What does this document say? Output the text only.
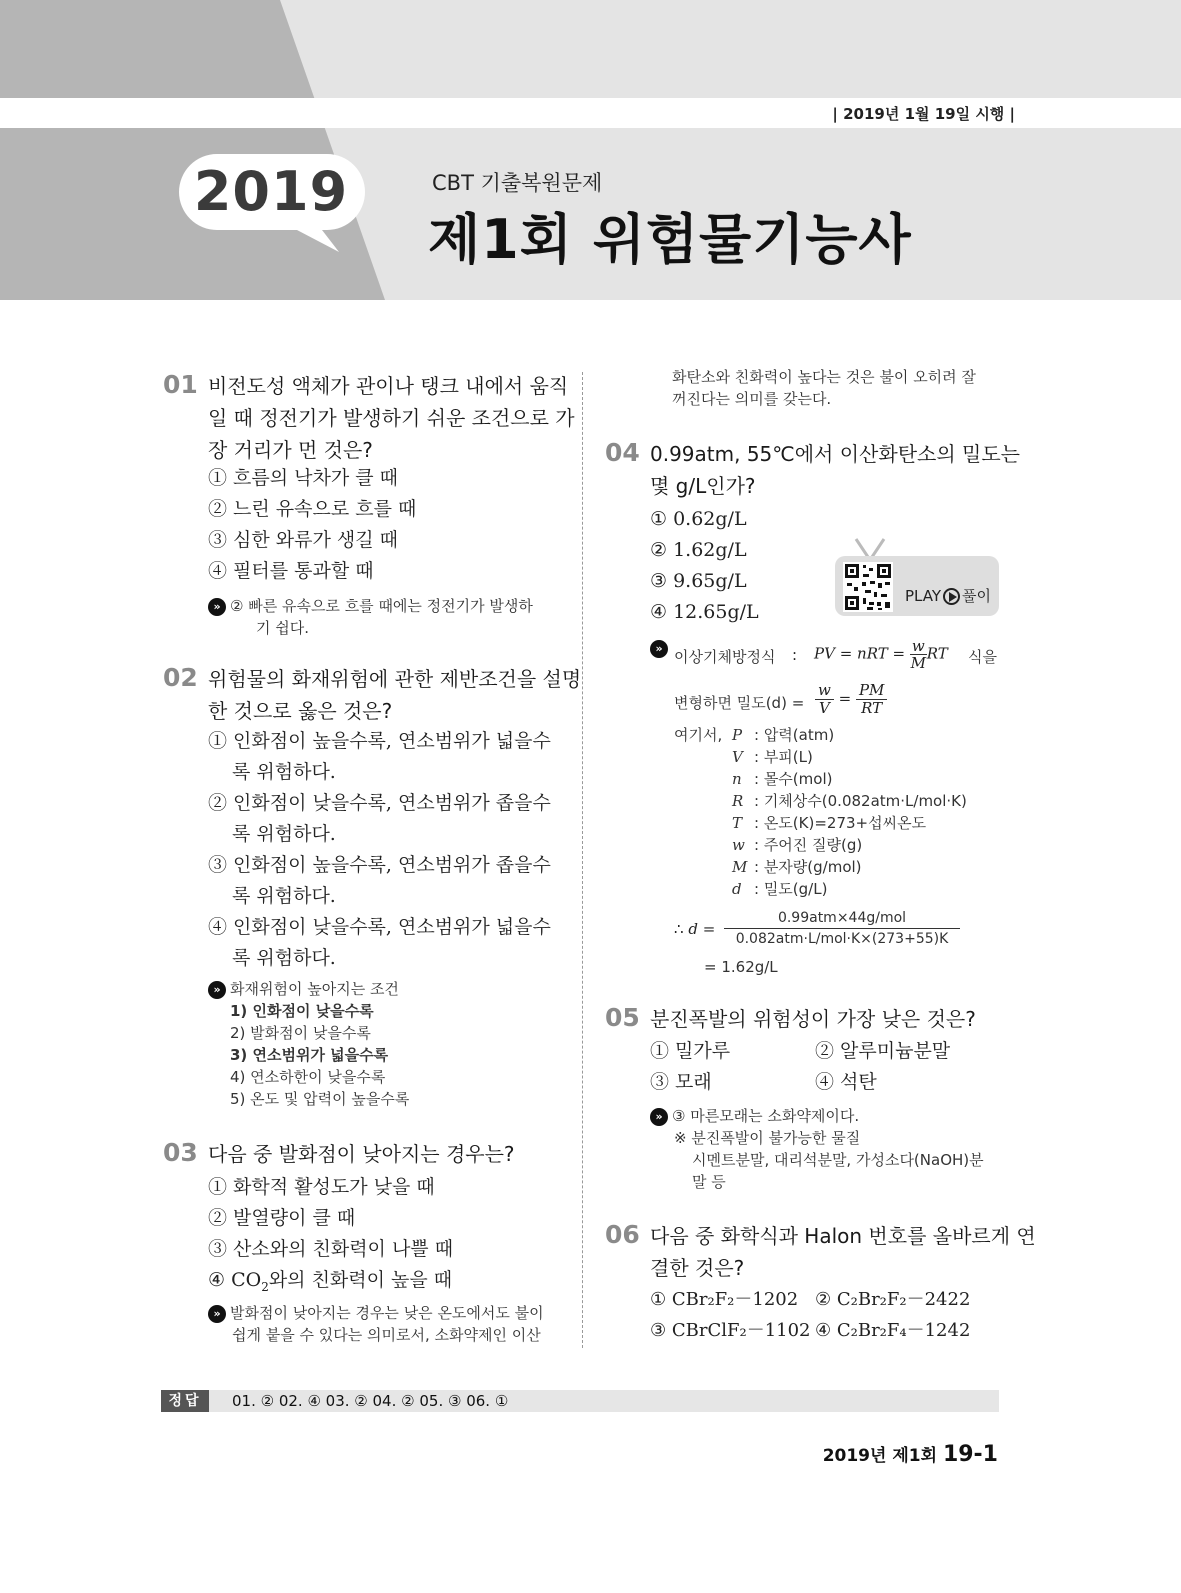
| 2019년 1월 19일 시행 |
2019	CBT 기출복원문제
제1회 위험물기능사
01 비전도성 액체가 관이나 탱크 내에서 움직
일 때 정전기가 발생하기 쉬운 조건으로 가
장 거리가 먼 것은?
① 흐름의 낙차가 클 때
② 느린 유속으로 흐를 때
③ 심한 와류가 생길 때
④ 필터를 통과할 때
» ② 빠른 유속으로 흐를 때에는 정전기가 발생하
기 쉽다.
02 위험물의 화재위험에 관한 제반조건을 설명
한 것으로 옳은 것은?
① 인화점이 높을수록, 연소범위가 넓을수
록 위험하다.
② 인화점이 낮을수록, 연소범위가 좁을수
록 위험하다.
③ 인화점이 높을수록, 연소범위가 좁을수
록 위험하다.
④ 인화점이 낮을수록, 연소범위가 넓을수
록 위험하다.
» 화재위험이 높아지는 조건
1) 인화점이 낮을수록
2) 발화점이 낮을수록
3) 연소범위가 넓을수록
4) 연소하한이 낮을수록
5) 온도 및 압력이 높을수록
03 다음 중 발화점이 낮아지는 경우는?
① 화학적 활성도가 낮을 때
② 발열량이 클 때
③ 산소와의 친화력이 나쁠 때
④ $CO_2$와의 친화력이 높을 때
» 발화점이 낮아지는 경우는 낮은 온도에서도 불이
쉽게 붙을 수 있다는 의미로서, 소화약제인 이산
화탄소와 친화력이 높다는 것은 불이 오히려 잘
꺼진다는 의미를 갖는다.
04 0.99atm, 55℃에서 이산화탄소의 밀도는
몇 g/L인가?
① 0.62g/L
② 1.62g/L
③ 9.65g/L
④ 12.65g/L
PLAY 풀이
» 이상기체방정식 : PV = nRT = $\frac{w}{M}$ RT 식을
변형하면 밀도$(d) = \frac{w}{V} = \frac{PM}{RT}$
여기서, P : 압력(atm)
V : 부피(L)
n : 몰수(mol)
R : 기체상수(0.082atm·L/mol·K)
T : 온도(K)=273+섭씨온도
w : 주어진 질량(g)
M : 분자량(g/mol)
d : 밀도(g/L)
∴ d =
0.99atm×44g/mol
0.082atm·L/mol·K×(273+55)K
= 1.62g/L
05 분진폭발의 위험성이 가장 낮은 것은?
① 밀가루	② 알루미늄분말
③ 모래	④ 석탄
» ③ 마른모래는 소화약제이다.
※ 분진폭발이 불가능한 물질
시멘트분말, 대리석분말, 가성소다(NaOH)분
말 등
06 다음 중 화학식과 Halon 번호를 올바르게 연
결한 것은?
① CBr₂F₂－1202 ② C₂Br₂F₂－2422
③ CBrClF₂－1102 ④ C₂Br₂F₄－1242
정답	01. ② 02. ④ 03. ② 04. ② 05. ③ 06. ①
2019년 제1회 19-1
